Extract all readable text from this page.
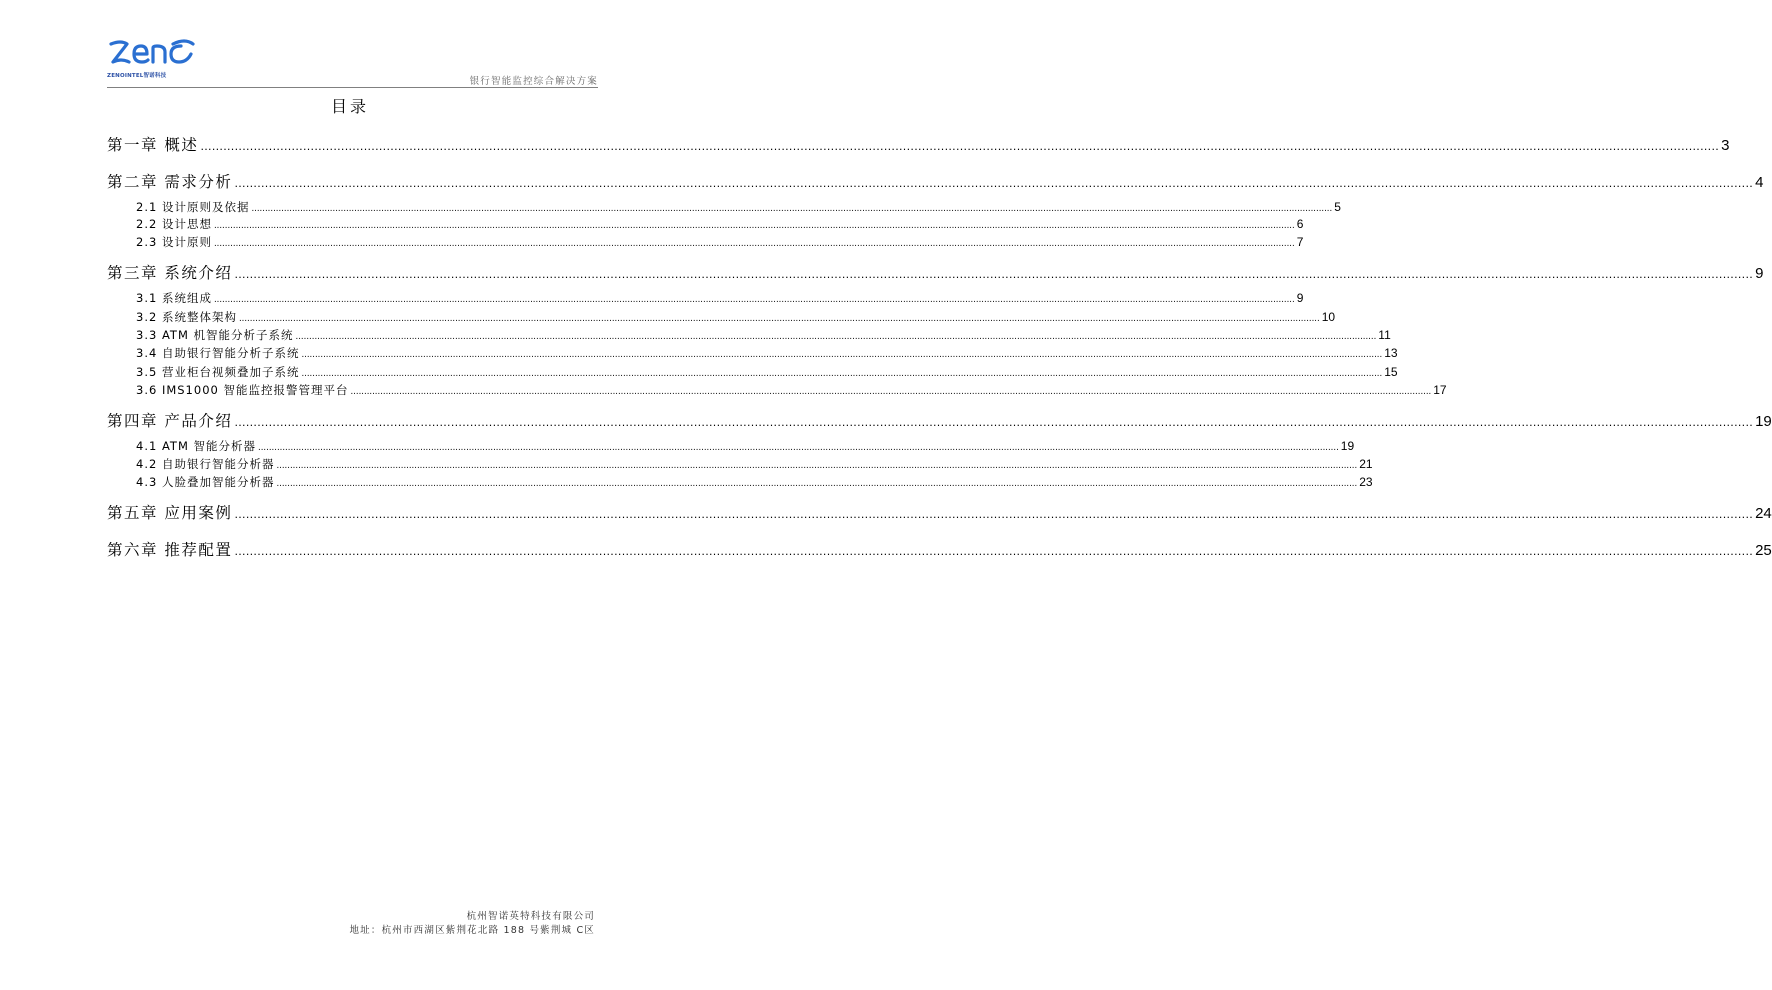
ZENOINTEL智诺科技	银行智能监控综合解决方案
目录
第一章 概述 ................................................................................................................................................................................................................................................................................................................................................................................................................ 3
第二章 需求分析 ................................................................................................................................................................................................................................................................................................................................................................................................................ 4
2.1 设计原则及依据 ................................................................................................................................................................................................................................................................................................................................................................................................................ 5
2.2 设计思想 ................................................................................................................................................................................................................................................................................................................................................................................................................ 6
2.3 设计原则 ................................................................................................................................................................................................................................................................................................................................................................................................................ 7
第三章 系统介绍 ................................................................................................................................................................................................................................................................................................................................................................................................................ 9
3.1 系统组成 ................................................................................................................................................................................................................................................................................................................................................................................................................ 9
3.2 系统整体架构 ................................................................................................................................................................................................................................................................................................................................................................................................................ 10
3.3 ATM 机智能分析子系统 ................................................................................................................................................................................................................................................................................................................................................................................................................ 11
3.4 自助银行智能分析子系统 ................................................................................................................................................................................................................................................................................................................................................................................................................ 13
3.5 营业柜台视频叠加子系统 ................................................................................................................................................................................................................................................................................................................................................................................................................ 15
3.6 IMS1000 智能监控报警管理平台 ................................................................................................................................................................................................................................................................................................................................................................................................................ 17
第四章 产品介绍 ................................................................................................................................................................................................................................................................................................................................................................................................................ 19
4.1 ATM 智能分析器 ................................................................................................................................................................................................................................................................................................................................................................................................................ 19
4.2 自助银行智能分析器 ................................................................................................................................................................................................................................................................................................................................................................................................................ 21
4.3 人脸叠加智能分析器 ................................................................................................................................................................................................................................................................................................................................................................................................................ 23
第五章 应用案例 ................................................................................................................................................................................................................................................................................................................................................................................................................ 24
第六章 推荐配置 ................................................................................................................................................................................................................................................................................................................................................................................................................ 25
杭州智诺英特科技有限公司
地址：杭州市西湖区紫荆花北路 188 号紫荆城 C区
